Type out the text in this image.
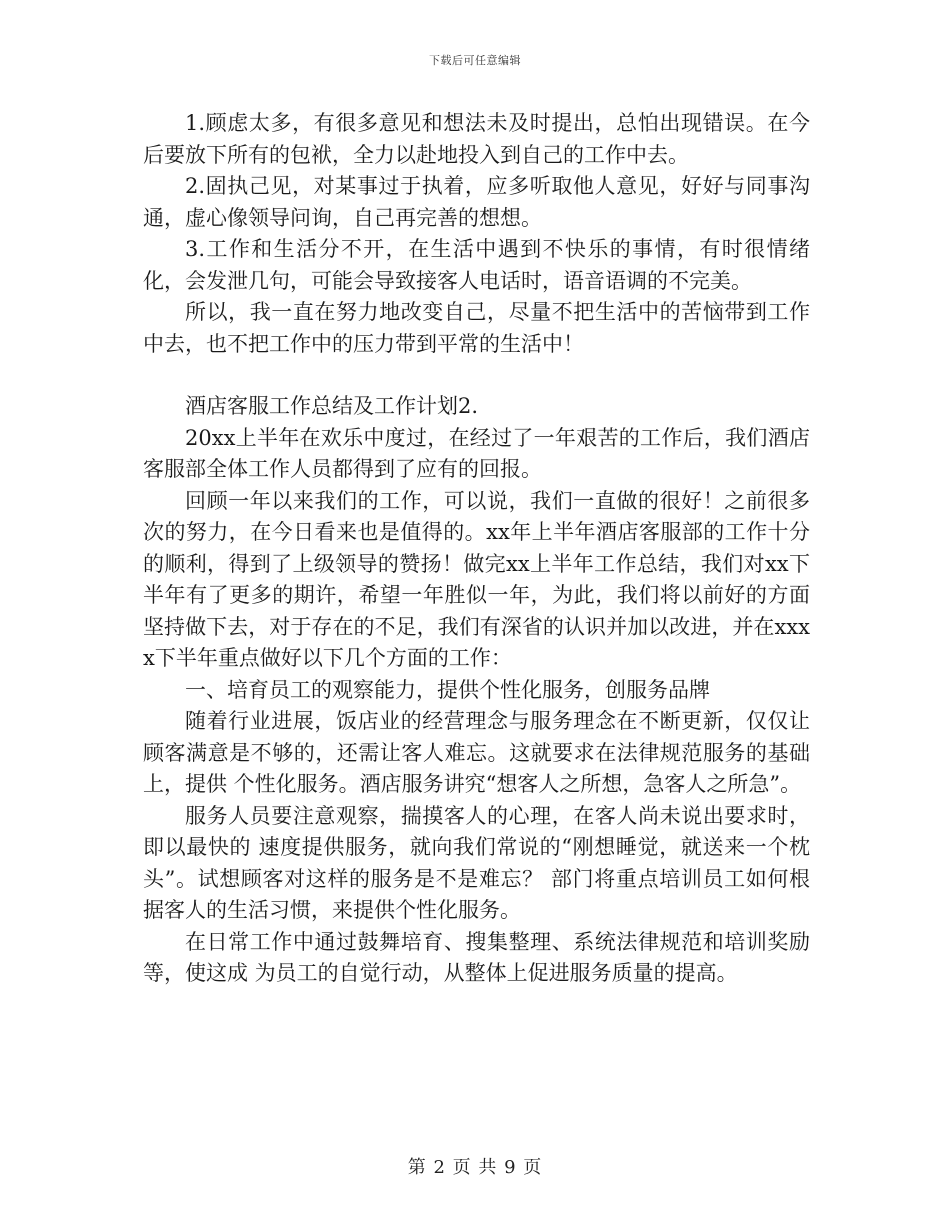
下载后可任意编辑

1.顾虑太多，有很多意见和想法未及时提出，总怕出现错误。在今后要放下所有的包袱，全力以赴地投入到自己的工作中去。

2.固执己见，对某事过于执着，应多听取他人意见，好好与同事沟通，虚心像领导问询，自己再完善的想想。

3.工作和生活分不开，在生活中遇到不快乐的事情，有时很情绪化，会发泄几句，可能会导致接客人电话时，语音语调的不完美。

所以，我一直在努力地改变自己，尽量不把生活中的苦恼带到工作中去，也不把工作中的压力带到平常的生活中！

酒店客服工作总结及工作计划2.

20xx上半年在欢乐中度过，在经过了一年艰苦的工作后，我们酒店客服部全体工作人员都得到了应有的回报。

回顾一年以来我们的工作，可以说，我们一直做的很好！之前很多次的努力，在今日看来也是值得的。xx年上半年酒店客服部的工作十分的顺利，得到了上级领导的赞扬！做完xx上半年工作总结，我们对xx下半年有了更多的期许，希望一年胜似一年，为此，我们将以前好的方面坚持做下去，对于存在的不足，我们有深省的认识并加以改进，并在xxxx下半年重点做好以下几个方面的工作：

一、培育员工的观察能力，提供个性化服务，创服务品牌

随着行业进展，饭店业的经营理念与服务理念在不断更新，仅仅让顾客满意是不够的，还需让客人难忘。这就要求在法律规范服务的基础上，提供 个性化服务。酒店服务讲究“想客人之所想，急客人之所急”。

服务人员要注意观察，揣摸客人的心理，在客人尚未说出要求时，即以最快的 速度提供服务，就向我们常说的“刚想睡觉，就送来一个枕头”。试想顾客对这样的服务是不是难忘？ 部门将重点培训员工如何根据客人的生活习惯，来提供个性化服务。

在日常工作中通过鼓舞培育、搜集整理、系统法律规范和培训奖励等，使这成 为员工的自觉行动，从整体上促进服务质量的提高。

第 2 页 共 9 页
